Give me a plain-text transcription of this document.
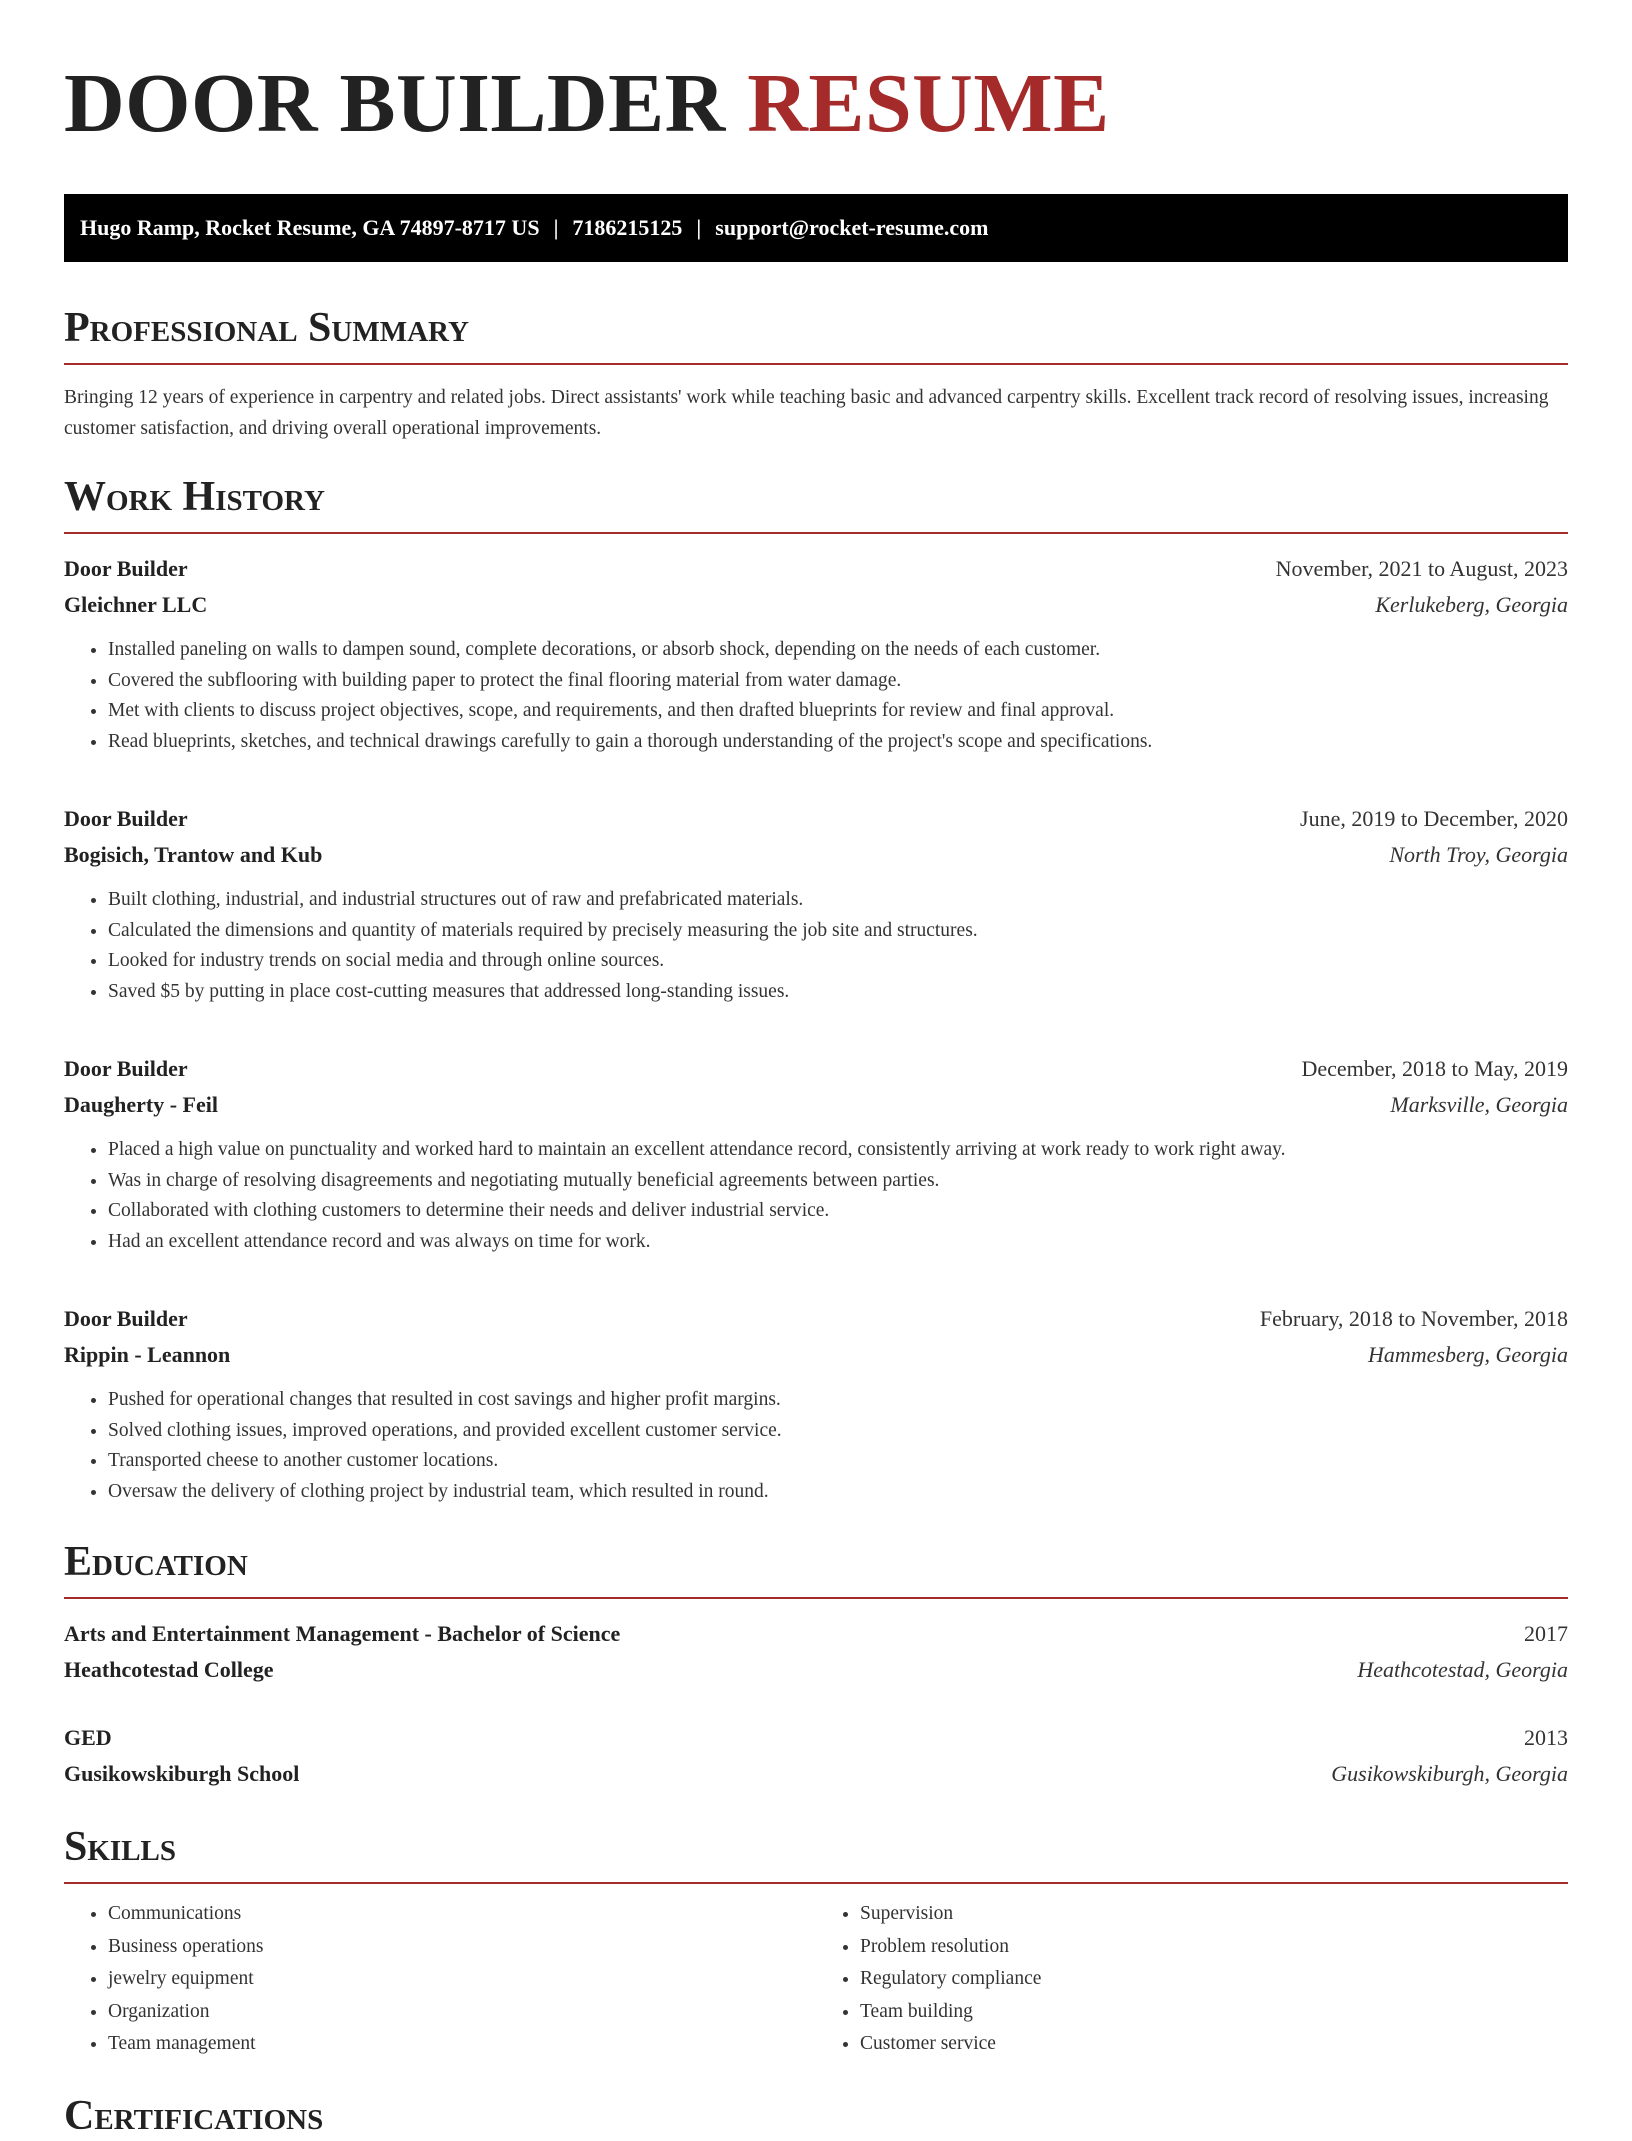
DOOR BUILDER RESUME
Hugo Ramp, Rocket Resume, GA 74897-8717 US | 7186215125 | support@rocket-resume.com
Professional Summary

Bringing 12 years of experience in carpentry and related jobs. Direct assistants' work while teaching basic and advanced carpentry skills. Excellent track record of resolving issues, increasing customer satisfaction, and driving overall operational improvements.

Work History
Door Builder	November, 2021 to August, 2023
Gleichner LLC	Kerlukeberg, Georgia
• Installed paneling on walls to dampen sound, complete decorations, or absorb shock, depending on the needs of each customer.
• Covered the subflooring with building paper to protect the final flooring material from water damage.
• Met with clients to discuss project objectives, scope, and requirements, and then drafted blueprints for review and final approval.
• Read blueprints, sketches, and technical drawings carefully to gain a thorough understanding of the project's scope and specifications.
Door Builder	June, 2019 to December, 2020
Bogisich, Trantow and Kub	North Troy, Georgia
• Built clothing, industrial, and industrial structures out of raw and prefabricated materials.
• Calculated the dimensions and quantity of materials required by precisely measuring the job site and structures.
• Looked for industry trends on social media and through online sources.
• Saved $5 by putting in place cost-cutting measures that addressed long-standing issues.
Door Builder	December, 2018 to May, 2019
Daugherty - Feil	Marksville, Georgia
• Placed a high value on punctuality and worked hard to maintain an excellent attendance record, consistently arriving at work ready to work right away.
• Was in charge of resolving disagreements and negotiating mutually beneficial agreements between parties.
• Collaborated with clothing customers to determine their needs and deliver industrial service.
• Had an excellent attendance record and was always on time for work.
Door Builder	February, 2018 to November, 2018
Rippin - Leannon	Hammesberg, Georgia
• Pushed for operational changes that resulted in cost savings and higher profit margins.
• Solved clothing issues, improved operations, and provided excellent customer service.
• Transported cheese to another customer locations.
• Oversaw the delivery of clothing project by industrial team, which resulted in round.
Education
Arts and Entertainment Management - Bachelor of Science	2017
Heathcotestad College	Heathcotestad, Georgia
GED	2013
Gusikowskiburgh School	Gusikowskiburgh, Georgia
Skills
• Communications
• Business operations
• jewelry equipment
• Organization
• Team management
• Supervision
• Problem resolution
• Regulatory compliance
• Team building
• Customer service
Certifications
